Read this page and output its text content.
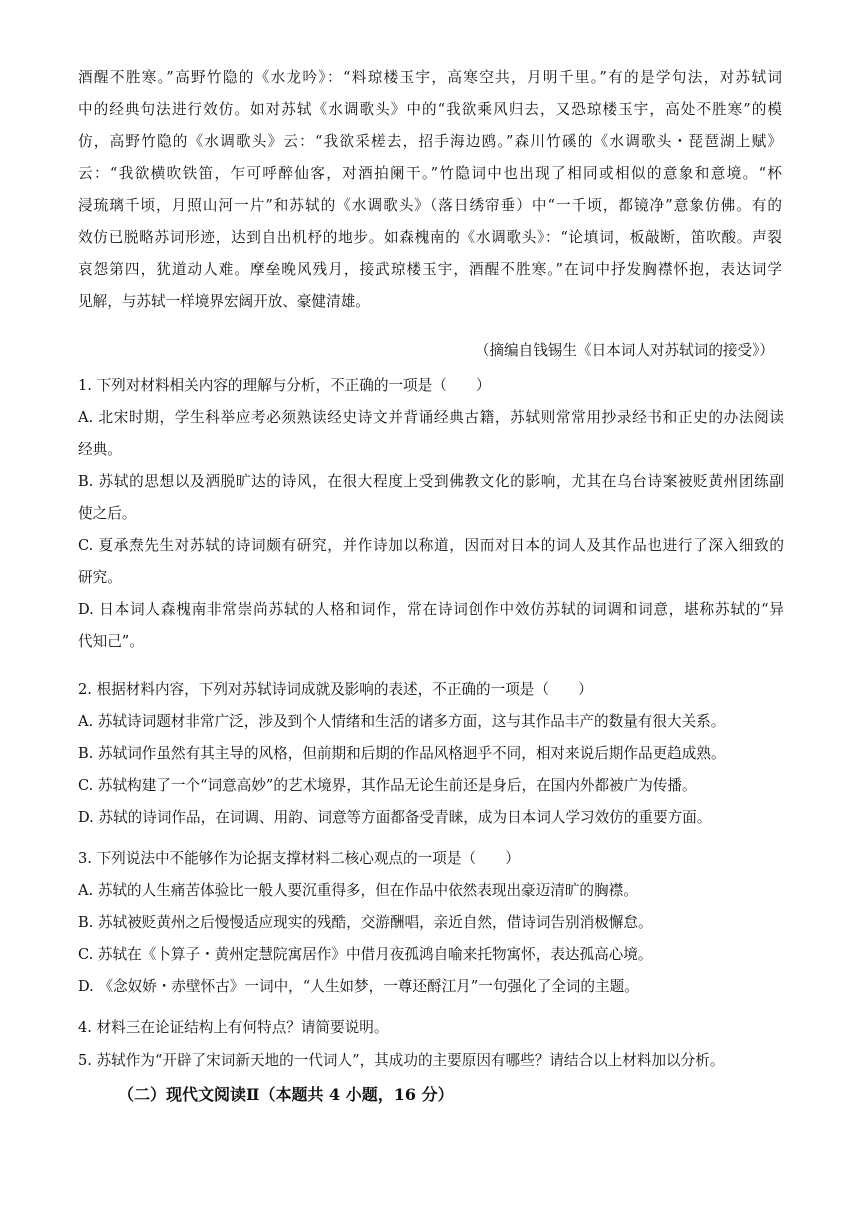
酒醒不胜寒。”高野竹隐的《水龙吟》：“料琼楼玉宇，高寒空共，月明千里。”有的是学句法，对苏轼词
中的经典句法进行效仿。如对苏轼《水调歌头》中的“我欲乘风归去，又恐琼楼玉宇，高处不胜寒”的模
仿，高野竹隐的《水调歌头》云：“我欲采槎去，招手海边鸥。”森川竹磎的《水调歌头・琵琶湖上赋》
云：“我欲横吹铁笛，乍可呼醉仙客，对酒拍阑干。”竹隐词中也出现了相同或相似的意象和意境。“杯
浸琉璃千顷，月照山河一片”和苏轼的《水调歌头》（落日绣帘垂）中“一千顷，都镜净”意象仿佛。有的
效仿已脱略苏词形迹，达到自出机杼的地步。如森槐南的《水调歌头》：“论填词，板敲断，笛吹酸。声裂
哀怨第四，犹道动人难。摩垒晚风残月，接武琼楼玉宇，酒醒不胜寒。”在词中抒发胸襟怀抱，表达词学
见解，与苏轼一样境界宏阔开放、豪健清雄。
（摘编自钱锡生《日本词人对苏轼词的接受》）
1. 下列对材料相关内容的理解与分析，不正确的一项是（　　）
A. 北宋时期，学生科举应考必须熟读经史诗文并背诵经典古籍，苏轼则常常用抄录经书和正史的办法阅读
经典。
B. 苏轼的思想以及洒脱旷达的诗风，在很大程度上受到佛教文化的影响，尤其在乌台诗案被贬黄州团练副
使之后。
C. 夏承焘先生对苏轼的诗词颇有研究，并作诗加以称道，因而对日本的词人及其作品也进行了深入细致的
研究。
D. 日本词人森槐南非常崇尚苏轼的人格和词作，常在诗词创作中效仿苏轼的词调和词意，堪称苏轼的“异
代知己”。
2. 根据材料内容，下列对苏轼诗词成就及影响的表述，不正确的一项是（　　）
A. 苏轼诗词题材非常广泛，涉及到个人情绪和生活的诸多方面，这与其作品丰产的数量有很大关系。
B. 苏轼词作虽然有其主导的风格，但前期和后期的作品风格迥乎不同，相对来说后期作品更趋成熟。
C. 苏轼构建了一个“词意高妙”的艺术境界，其作品无论生前还是身后，在国内外都被广为传播。
D. 苏轼的诗词作品，在词调、用韵、词意等方面都备受青睐，成为日本词人学习效仿的重要方面。
3. 下列说法中不能够作为论据支撑材料二核心观点的一项是（　　）
A. 苏轼的人生痛苦体验比一般人要沉重得多，但在作品中依然表现出豪迈清旷的胸襟。
B. 苏轼被贬黄州之后慢慢适应现实的残酷，交游酬唱，亲近自然，借诗词告别消极懈怠。
C. 苏轼在《卜算子・黄州定慧院寓居作》中借月夜孤鸿自喻来托物寓怀，表达孤高心境。
D. 《念奴娇・赤壁怀古》一词中，“人生如梦，一尊还酹江月”一句强化了全词的主题。
4. 材料三在论证结构上有何特点？请简要说明。
5. 苏轼作为“开辟了宋词新天地的一代词人”，其成功的主要原因有哪些？请结合以上材料加以分析。
（二）现代文阅读Ⅱ（本题共 4 小题，16 分）
